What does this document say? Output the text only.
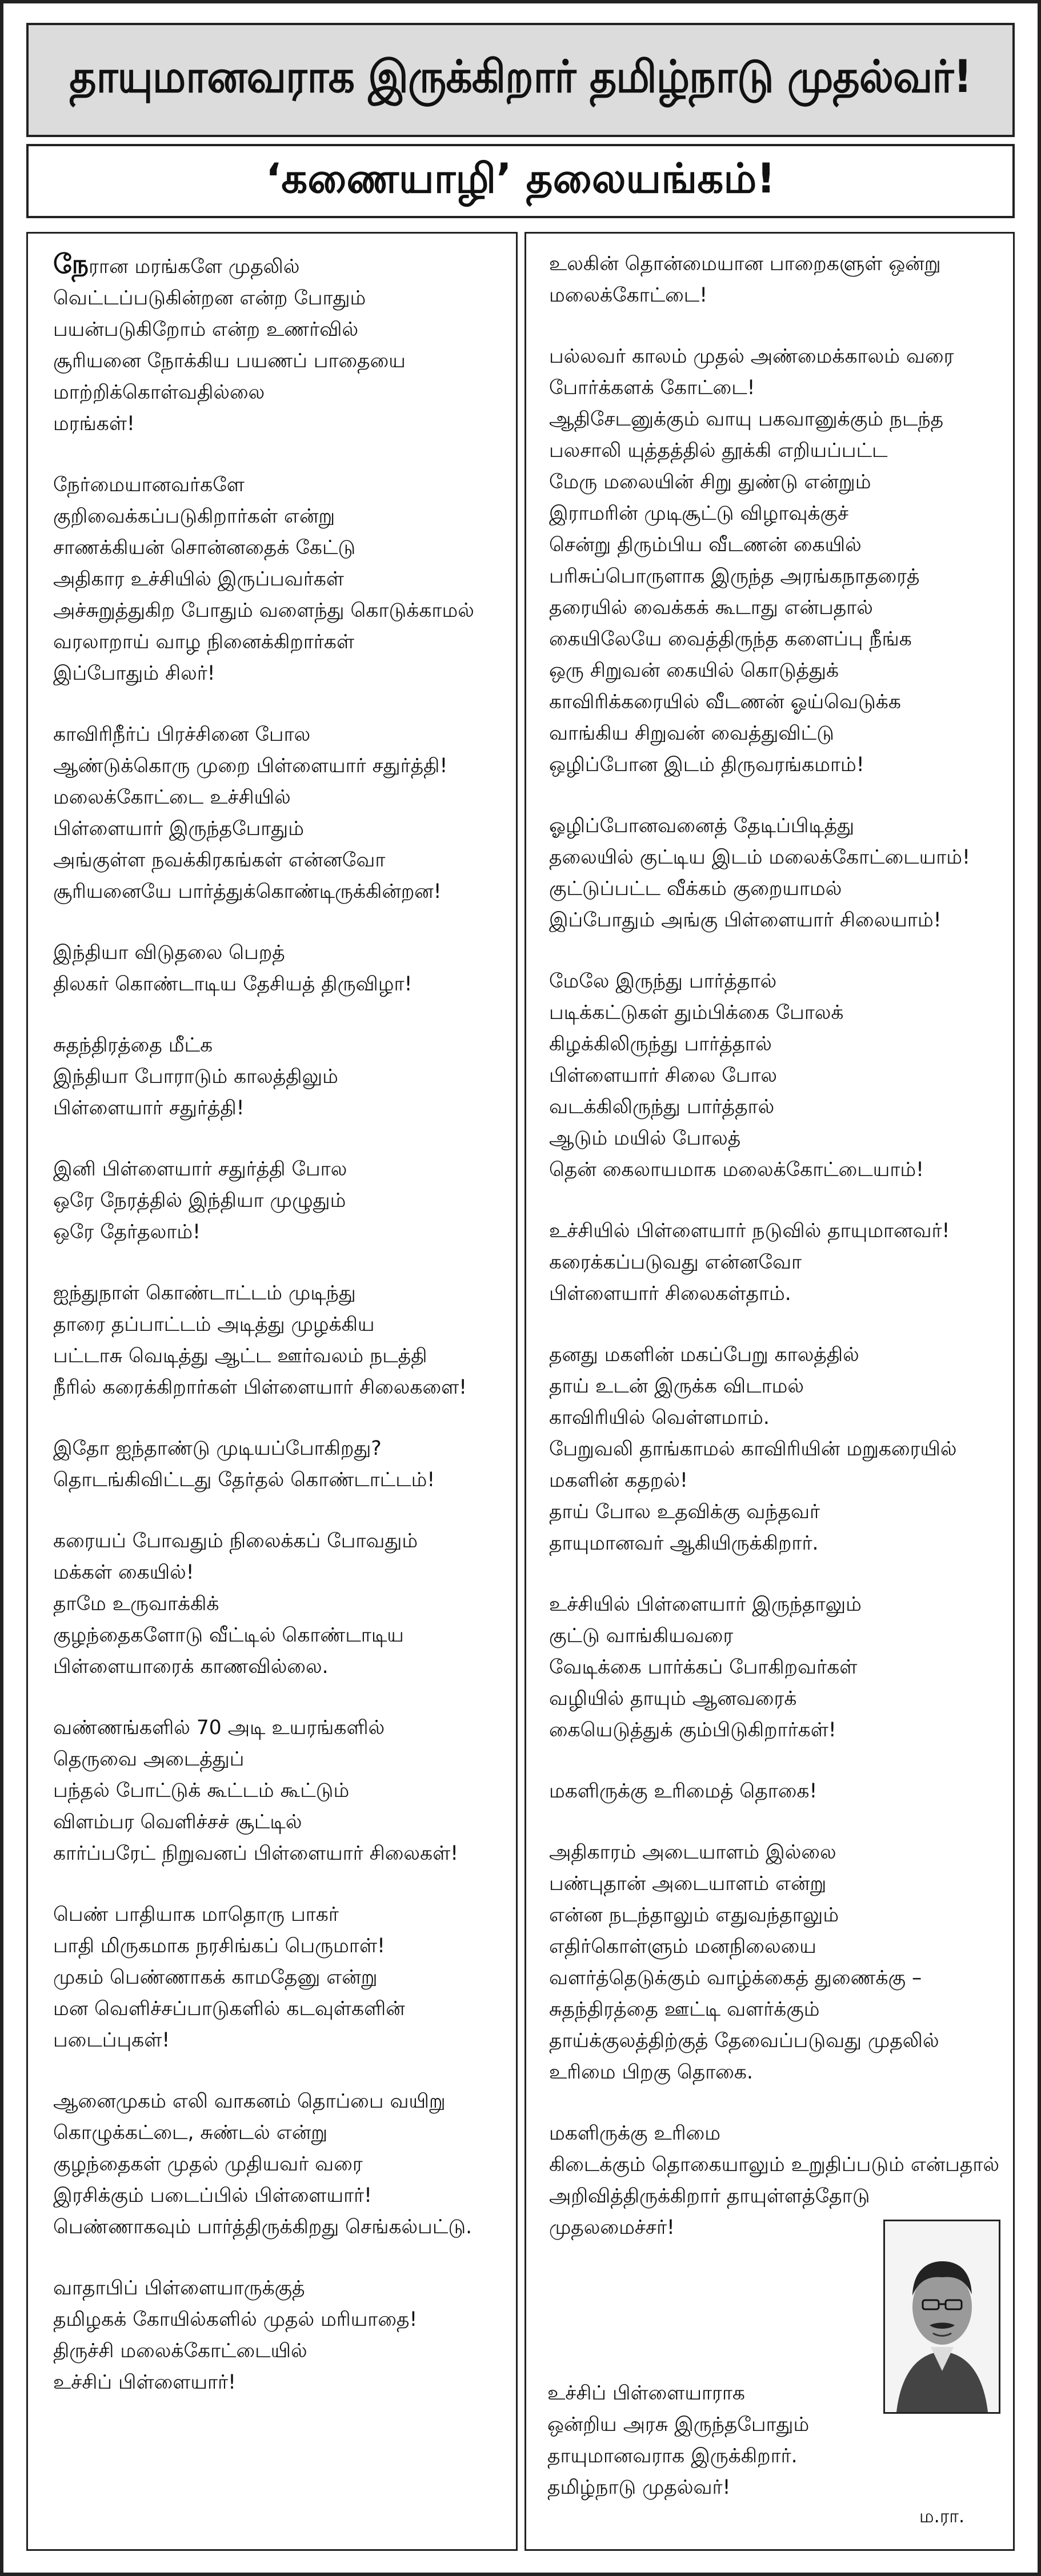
தாயுமானவராக இருக்கிறார் தமிழ்நாடு முதல்வர்!
‘கணையாழி’ தலையங்கம்!
நேரான மரங்களே முதலில்
வெட்டப்படுகின்றன என்ற போதும்
பயன்படுகிறோம் என்ற உணர்வில்
சூரியனை நோக்கிய பயணப் பாதையை
மாற்றிக்கொள்வதில்லை
மரங்கள்!
நேர்மையானவர்களே
குறிவைக்கப்படுகிறார்கள் என்று
சாணக்கியன் சொன்னதைக் கேட்டு
அதிகார உச்சியில் இருப்பவர்கள்
அச்சுறுத்துகிற போதும் வளைந்து கொடுக்காமல்
வரலாறாய் வாழ நினைக்கிறார்கள்
இப்போதும் சிலர்!
காவிரிநீர்ப் பிரச்சினை போல
ஆண்டுக்கொரு முறை பிள்ளையார் சதுர்த்தி!
மலைக்கோட்டை உச்சியில்
பிள்ளையார் இருந்தபோதும்
அங்குள்ள நவக்கிரகங்கள் என்னவோ
சூரியனையே பார்த்துக்கொண்டிருக்கின்றன!
இந்தியா விடுதலை பெறத்
திலகர் கொண்டாடிய தேசியத் திருவிழா!
சுதந்திரத்தை மீட்க
இந்தியா போராடும் காலத்திலும்
பிள்ளையார் சதுர்த்தி!
இனி பிள்ளையார் சதுர்த்தி போல
ஒரே நேரத்தில் இந்தியா முழுதும்
ஒரே தேர்தலாம்!
ஐந்துநாள் கொண்டாட்டம் முடிந்து
தாரை தப்பாட்டம் அடித்து முழக்கிய
பட்டாசு வெடித்து ஆட்ட ஊர்வலம் நடத்தி
நீரில் கரைக்கிறார்கள் பிள்ளையார் சிலைகளை!
இதோ ஐந்தாண்டு முடியப்போகிறது?
தொடங்கிவிட்டது தேர்தல் கொண்டாட்டம்!
கரையப் போவதும் நிலைக்கப் போவதும்
மக்கள் கையில்!
தாமே உருவாக்கிக்
குழந்தைகளோடு வீட்டில் கொண்டாடிய
பிள்ளையாரைக் காணவில்லை.
வண்ணங்களில் 70 அடி உயரங்களில்
தெருவை அடைத்துப்
பந்தல் போட்டுக் கூட்டம் கூட்டும்
விளம்பர வெளிச்சச் சூட்டில்
கார்ப்பரேட் நிறுவனப் பிள்ளையார் சிலைகள்!
பெண் பாதியாக மாதொரு பாகர்
பாதி மிருகமாக நரசிங்கப் பெருமாள்!
முகம் பெண்ணாகக் காமதேனு என்று
மன வெளிச்சப்பாடுகளில் கடவுள்களின்
படைப்புகள்!
ஆனைமுகம் எலி வாகனம் தொப்பை வயிறு
கொழுக்கட்டை, சுண்டல் என்று
குழந்தைகள் முதல் முதியவர் வரை
இரசிக்கும் படைப்பில் பிள்ளையார்!
பெண்ணாகவும் பார்த்திருக்கிறது செங்கல்பட்டு.
வாதாபிப் பிள்ளையாருக்குத்
தமிழகக் கோயில்களில் முதல் மரியாதை!
திருச்சி மலைக்கோட்டையில்
உச்சிப் பிள்ளையார்!
உலகின் தொன்மையான பாறைகளுள் ஒன்று
மலைக்கோட்டை!
பல்லவர் காலம் முதல் அண்மைக்காலம் வரை
போர்க்களக் கோட்டை!
ஆதிசேடனுக்கும் வாயு பகவானுக்கும் நடந்த
பலசாலி யுத்தத்தில் தூக்கி எறியப்பட்ட
மேரு மலையின் சிறு துண்டு என்றும்
இராமரின் முடிசூட்டு விழாவுக்குச்
சென்று திரும்பிய வீடணன் கையில்
பரிசுப்பொருளாக இருந்த அரங்கநாதரைத்
தரையில் வைக்கக் கூடாது என்பதால்
கையிலேயே வைத்திருந்த களைப்பு நீங்க
ஒரு சிறுவன் கையில் கொடுத்துக்
காவிரிக்கரையில் வீடணன் ஓய்வெடுக்க
வாங்கிய சிறுவன் வைத்துவிட்டு
ஒழிப்போன இடம் திருவரங்கமாம்!
ஓழிப்போனவனைத் தேடிப்பிடித்து
தலையில் குட்டிய இடம் மலைக்கோட்டையாம்!
குட்டுப்பட்ட வீக்கம் குறையாமல்
இப்போதும் அங்கு பிள்ளையார் சிலையாம்!
மேலே இருந்து பார்த்தால்
படிக்கட்டுகள் தும்பிக்கை போலக்
கிழக்கிலிருந்து பார்த்தால்
பிள்ளையார் சிலை போல
வடக்கிலிருந்து பார்த்தால்
ஆடும் மயில் போலத்
தென் கைலாயமாக மலைக்கோட்டையாம்!
உச்சியில் பிள்ளையார் நடுவில் தாயுமானவர்!
கரைக்கப்படுவது என்னவோ
பிள்ளையார் சிலைகள்தாம்.
தனது மகளின் மகப்பேறு காலத்தில்
தாய் உடன் இருக்க விடாமல்
காவிரியில் வெள்ளமாம்.
பேறுவலி தாங்காமல் காவிரியின் மறுகரையில்
மகளின் கதறல்!
தாய் போல உதவிக்கு வந்தவர்
தாயுமானவர் ஆகியிருக்கிறார்.
உச்சியில் பிள்ளையார் இருந்தாலும்
குட்டு வாங்கியவரை
வேடிக்கை பார்க்கப் போகிறவர்கள்
வழியில் தாயும் ஆனவரைக்
கையெடுத்துக் கும்பிடுகிறார்கள்!
மகளிருக்கு உரிமைத் தொகை!
அதிகாரம் அடையாளம் இல்லை
பண்புதான் அடையாளம் என்று
என்ன நடந்தாலும் எதுவந்தாலும்
எதிர்கொள்ளும் மனநிலையை
வளர்த்தெடுக்கும் வாழ்க்கைத் துணைக்கு –
சுதந்திரத்தை ஊட்டி வளர்க்கும்
தாய்க்குலத்திற்குத் தேவைப்படுவது முதலில்
உரிமை பிறகு தொகை.
மகளிருக்கு உரிமை
கிடைக்கும் தொகையாலும் உறுதிப்படும் என்பதால்
அறிவித்திருக்கிறார் தாயுள்ளத்தோடு
முதலமைச்சர்!
உச்சிப் பிள்ளையாராக
ஒன்றிய அரசு இருந்தபோதும்
தாயுமானவராக இருக்கிறார்.
தமிழ்நாடு முதல்வர்!
ம.ரா.
